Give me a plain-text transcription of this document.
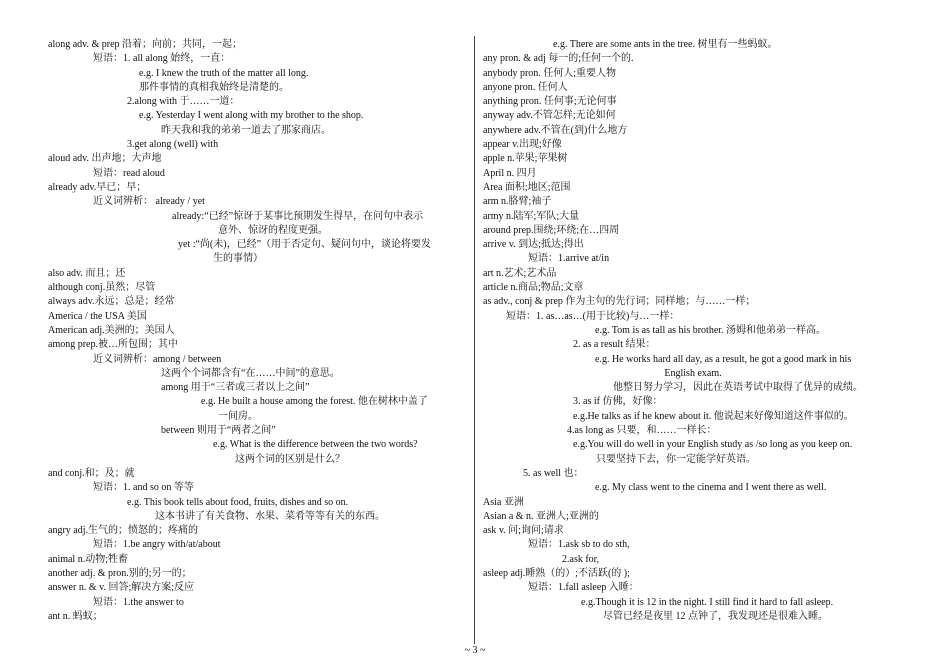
along adv. & prep 沿着；向前；共同，一起；
短语：1. all along 始终，一直：
e.g. I knew the truth of the matter all long.
那件事情的真相我始终是清楚的。
2.along with 于……一道：
e.g. Yesterday I went along with my brother to the shop.
昨天我和我的弟弟一道去了那家商店。
3.get along (well) with
aloud adv. 出声地；大声地
短语：read aloud
already adv.早已；早；
近义词辨析： already / yet
already:“已经”惊讶于某事比预期发生得早，在问句中表示
意外、惊讶的程度更强。
yet :“尚(未)，已经”（用于否定句、疑问句中，谈论将要发
生的事情）
also adv. 而且；还
although conj.虽然；尽管
always adv.永远；总是；经常
America / the USA 美国
American adj.美洲的；美国人
among prep.被…所包围；其中
近义词辨析：among / between
这两个个词都含有“在……中间”的意思。
among 用于“三者或三者以上之间”
e.g. He built a house among the forest. 他在树林中盖了
一间房。
between 则用于“两者之间”
e.g. What is the difference between the two words?
这两个词的区别是什么？
and conj.和；及；就
短语：1. and so on 等等
e.g. This book tells about food, fruits, dishes and so on.
这本书讲了有关食物、水果、菜肴等等有关的东西。
angry adj.生气的；愤怒的；疼痛的
短语：1.be angry with/at/about
animal n.动物;牲畜
another adj. & pron.别的;另一的；
answer n. & v. 回答;解决方案;反应
短语：1.the answer to
ant n. 蚂蚁；
e.g. There are some ants in the tree. 树里有一些蚂蚁。
any pron. & adj 每一的;任何一个的.
anybody pron. 任何人;重要人物
anyone pron. 任何人
anything pron. 任何事;无论何事
anyway adv.不管怎样;无论如何
anywhere adv.不管在(到)什么地方
appear v.出现;好像
apple n.苹果;苹果树
April n. 四月
Area 面积;地区;范围
arm n.胳臂;袖子
army n.陆军;军队;大量
around prep.围绕;环绕;在…四周
arrive v. 到达;抵达;得出
短语：1.arrive at/in
art n.艺术;艺术品
article n.商品;物品;文章
as adv., conj & prep 作为主句的先行词；同样地；与……一样；
短语：1. as…as…(用于比较)与…一样：
e.g. Tom is as tall as his brother. 汤姆和他弟弟一样高。
2. as a result 结果：
e.g. He works hard all day, as a result, he got a good mark in his
English exam.
他整日努力学习，因此在英语考试中取得了优异的成绩。
3. as if 仿佛，好像：
e.g.He talks as if he knew about it. 他说起来好像知道这件事似的。
4.as long as 只要，和……一样长：
e.g.You will do well in your English study as /so long as you keep on.
只要坚持下去，你一定能学好英语。
5. as well 也：
e.g. My class went to the cinema and I went there as well.
Asia 亚洲
Asian a & n. 亚洲人;亚洲的
ask v. 问;询问;请求
短语：1.ask sb to do sth,
2.ask for,
asleep adj.睡熟（的）;不活跃(的 );
短语：1.fall asleep 入睡：
e.g.Though it is 12 in the night. I still find it hard to fall asleep.
尽管已经是夜里 12 点钟了，我发现还是很难入睡。
~ 3 ~
